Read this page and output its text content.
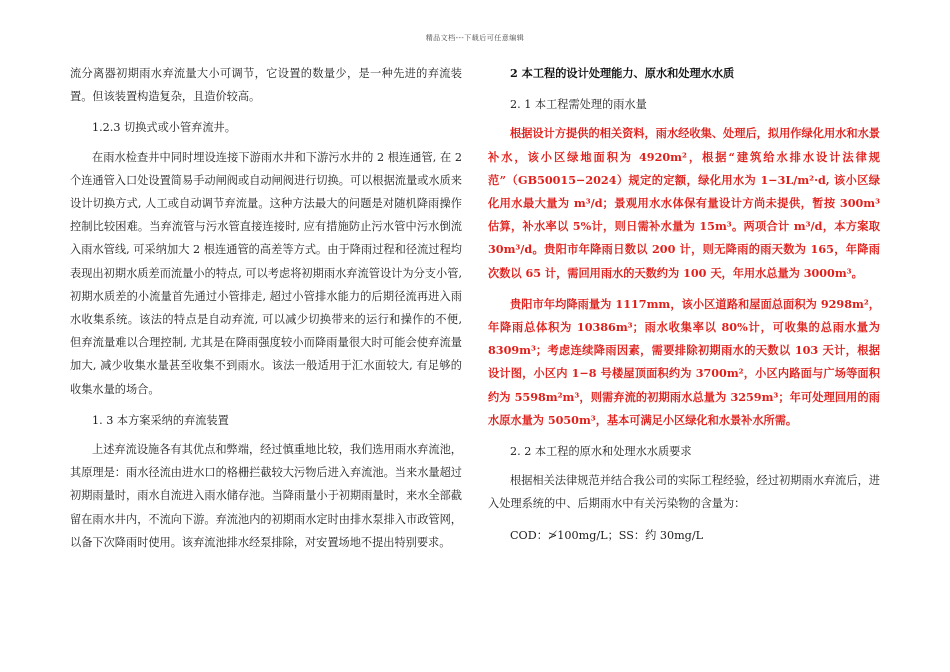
精品文档---下载后可任意编辑

流分离器初期雨水弃流量大小可调节，它设置的数量少，是一种先进的弃流装置。但该装置构造复杂，且造价较高。

1.2.3 切换式或小管弃流井。

在雨水检查井中同时埋设连接下游雨水井和下游污水井的 2 根连通管, 在 2 个连通管入口处设置简易手动闸阀或自动闸阀进行切换。可以根据流量或水质来设计切换方式, 人工或自动调节弃流量。这种方法最大的问题是对随机降雨操作控制比较困难。当弃流管与污水管直接连接时, 应有措施防止污水管中污水倒流入雨水管线, 可采纳加大 2 根连通管的高差等方式。由于降雨过程和径流过程均表现出初期水质差而流量小的特点, 可以考虑将初期雨水弃流管设计为分支小管, 初期水质差的小流量首先通过小管排走, 超过小管排水能力的后期径流再进入雨水收集系统。该法的特点是自动弃流, 可以减少切换带来的运行和操作的不便, 但弃流量难以合理控制, 尤其是在降雨强度较小而降雨量很大时可能会使弃流量加大, 减少收集水量甚至收集不到雨水。该法一般适用于汇水面较大, 有足够的收集水量的场合。

1. 3 本方案采纳的弃流装置

上述弃流设施各有其优点和弊端，经过慎重地比较，我们选用雨水弃流池，其原理是：雨水径流由进水口的格栅拦截较大污物后进入弃流池。当来水量超过初期雨量时，雨水自流进入雨水储存池。当降雨量小于初期雨量时，来水全部截留在雨水井内，不流向下游。弃流池内的初期雨水定时由排水泵排入市政管网，以备下次降雨时使用。该弃流池排水经泵排除，对安置场地不提出特别要求。

2 本工程的设计处理能力、原水和处理水水质

2. 1 本工程需处理的雨水量

根据设计方提供的相关资料，雨水经收集、处理后，拟用作绿化用水和水景补水，该小区绿地面积为 4920m²，根据“建筑给水排水设计法律规范”（GB50015−2024）规定的定额，绿化用水为 1−3L/m²·d, 该小区绿化用水最大量为 m³/d；景观用水水体保有量设计方尚未提供，暂按 300m³ 估算，补水率以 5%计，则日需补水量为 15m³。两项合计 m³/d，本方案取 30m³/d。贵阳市年降雨日数以 200 计，则无降雨的雨天数为 165，年降雨次数以 65 计，需回用雨水的天数约为 100 天，年用水总量为 3000m³。

贵阳市年均降雨量为 1117mm，该小区道路和屋面总面积为 9298m²，年降雨总体积为 10386m³；雨水收集率以 80%计，可收集的总雨水量为 8309m³；考虑连续降雨因素，需要排除初期雨水的天数以 103 天计，根据设计图，小区内 1−8 号楼屋顶面积约为 3700m²，小区内路面与广场等面积约为 5598m²m³，则需弃流的初期雨水总量为 3259m³；年可处理回用的雨水原水量为 5050m³，基本可满足小区绿化和水景补水所需。

2. 2 本工程的原水和处理水水质要求

根据相关法律规范并结合我公司的实际工程经验，经过初期雨水弃流后，进入处理系统的中、后期雨水中有关污染物的含量为：

COD：≯100mg/L；SS：约 30mg/L
